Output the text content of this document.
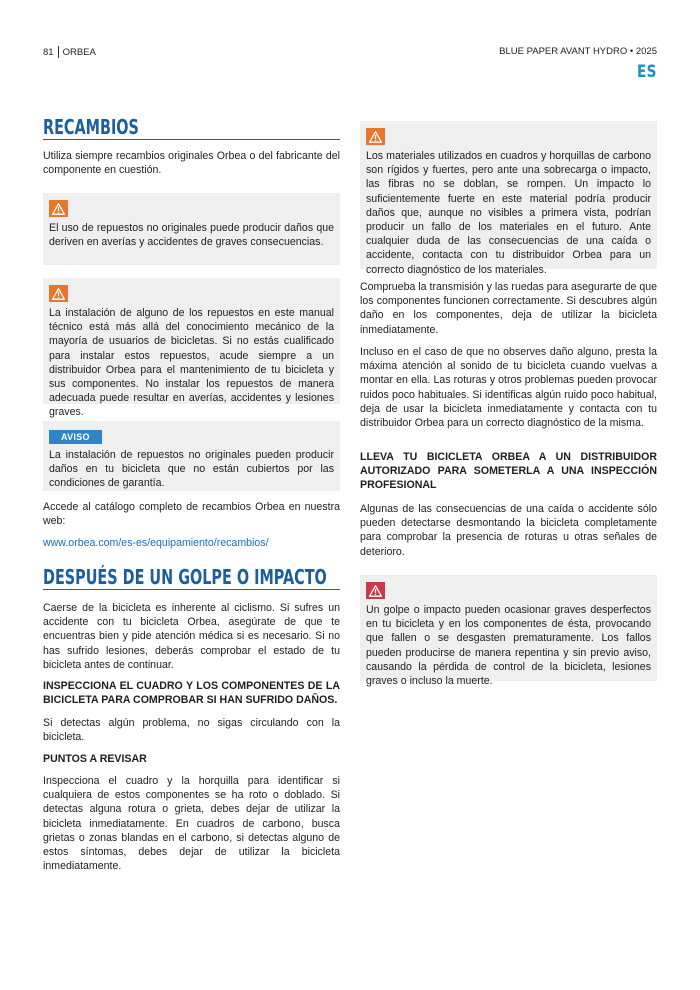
81 ORBEA	BLUE PAPER AVANT HYDRO • 2025
ES
RECAMBIOS

Utiliza siempre recambios originales Orbea o del fabricante del componente en cuestión.

El uso de repuestos no originales puede producir daños que deriven en averías y accidentes de graves consecuencias.

La instalación de alguno de los repuestos en este manual técnico está más allá del conocimiento mecánico de la mayoría de usuarios de bicicletas. Si no estás cualificado para instalar estos repuestos, acude siempre a un distribuidor Orbea para el mantenimiento de tu bicicleta y sus componentes. No instalar los repuestos de manera adecuada puede resultar en averías, accidentes y lesiones graves.

AVISO

La instalación de repuestos no originales pueden producir daños en tu bicicleta que no están cubiertos por las condiciones de garantía.

Accede al catálogo completo de recambios Orbea en nuestra web:

www.orbea.com/es-es/equipamiento/recambios/
DESPUÉS DE UN GOLPE O IMPACTO

Caerse de la bicicleta es inherente al ciclismo. Si sufres un accidente con tu bicicleta Orbea, asegúrate de que te encuentras bien y pide atención médica si es necesario. Si no has sufrido lesiones, deberás comprobar el estado de tu bicicleta antes de continuar.

INSPECCIONA EL CUADRO Y LOS COMPONENTES DE LA BICICLETA PARA COMPROBAR SI HAN SUFRIDO DAÑOS.

Si detectas algún problema, no sigas circulando con la bicicleta.

PUNTOS A REVISAR

Inspecciona el cuadro y la horquilla para identificar si cualquiera de estos componentes se ha roto o doblado. Si detectas alguna rotura o grieta, debes dejar de utilizar la bicicleta inmediatamente. En cuadros de carbono, busca grietas o zonas blandas en el carbono, si detectas alguno de estos síntomas, debes dejar de utilizar la bicicleta inmediatamente.

Los materiales utilizados en cuadros y horquillas de carbono son rígidos y fuertes, pero ante una sobrecarga o impacto, las fibras no se doblan, se rompen. Un impacto lo suficientemente fuerte en este material podría producir daños que, aunque no visibles a primera vista, podrían producir un fallo de los materiales en el futuro. Ante cualquier duda de las consecuencias de una caída o accidente, contacta con tu distribuidor Orbea para un correcto diagnóstico de los materiales.

Comprueba la transmisión y las ruedas para asegurarte de que los componentes funcionen correctamente. Si descubres algún daño en los componentes, deja de utilizar la bicicleta inmediatamente.

Incluso en el caso de que no observes daño alguno, presta la máxima atención al sonido de tu bicicleta cuando vuelvas a montar en ella. Las roturas y otros problemas pueden provocar ruidos poco habituales. Si identificas algún ruido poco habitual, deja de usar la bicicleta inmediatamente y contacta con tu distribuidor Orbea para un correcto diagnóstico de la misma.

LLEVA TU BICICLETA ORBEA A UN DISTRIBUIDOR AUTORIZADO PARA SOMETERLA A UNA INSPECCIÓN PROFESIONAL

Algunas de las consecuencias de una caída o accidente sólo pueden detectarse desmontando la bicicleta completamente para comprobar la presencia de roturas u otras señales de deterioro.

Un golpe o impacto pueden ocasionar graves desperfectos en tu bicicleta y en los componentes de ésta, provocando que fallen o se desgasten prematuramente. Los fallos pueden producirse de manera repentina y sin previo aviso, causando la pérdida de control de la bicicleta, lesiones graves o incluso la muerte.
